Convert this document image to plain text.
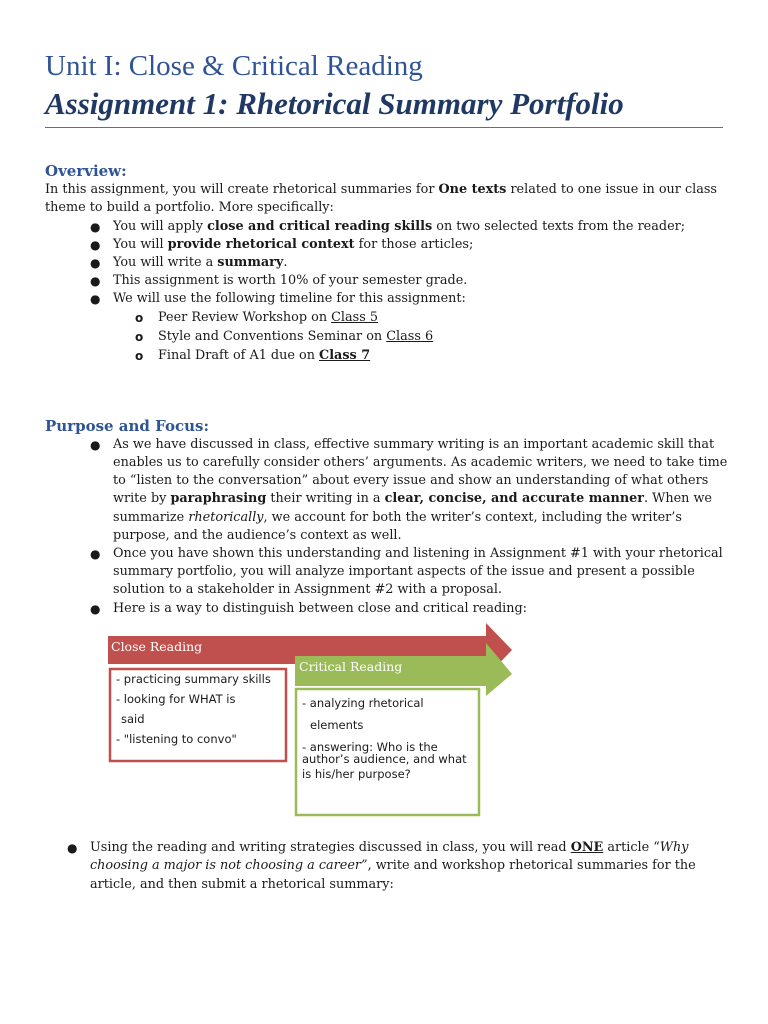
Unit I: Close & Critical Reading
Assignment 1: Rhetorical Summary Portfolio
Overview:

In this assignment, you will create rhetorical summaries for One texts related to one issue in our class

theme to build a portfolio. More specifically:

● You will apply close and critical reading skills on two selected texts from the reader;

● You will provide rhetorical context for those articles;

● You will write a summary.

● This assignment is worth 10% of your semester grade.

● We will use the following timeline for this assignment:

o Peer Review Workshop on Class 5

o Style and Conventions Seminar on Class 6

o Final Draft of A1 due on Class 7

Purpose and Focus:
● As we have discussed in class, effective summary writing is an important academic skill that

enables us to carefully consider others’ arguments. As academic writers, we need to take time

to “listen to the conversation” about every issue and show an understanding of what others

write by paraphrasing their writing in a clear, concise, and accurate manner. When we

summarize rhetorically, we account for both the writer’s context, including the writer’s

purpose, and the audience’s context as well.

● Once you have shown this understanding and listening in Assignment #1 with your rhetorical

summary portfolio, you will analyze important aspects of the issue and present a possible

solution to a stakeholder in Assignment #2 with a proposal.

● Here is a way to distinguish between close and critical reading:

Close Reading
Critical Reading
- practicing summary skills
- looking for WHAT is
said
- "listening to convo"
- analyzing rhetorical
elements
- answering: Who is the
author’s audience, and what
is his/her purpose?
● Using the reading and writing strategies discussed in class, you will read ONE article “Why

choosing a major is not choosing a career”, write and workshop rhetorical summaries for the

article, and then submit a rhetorical summary:
